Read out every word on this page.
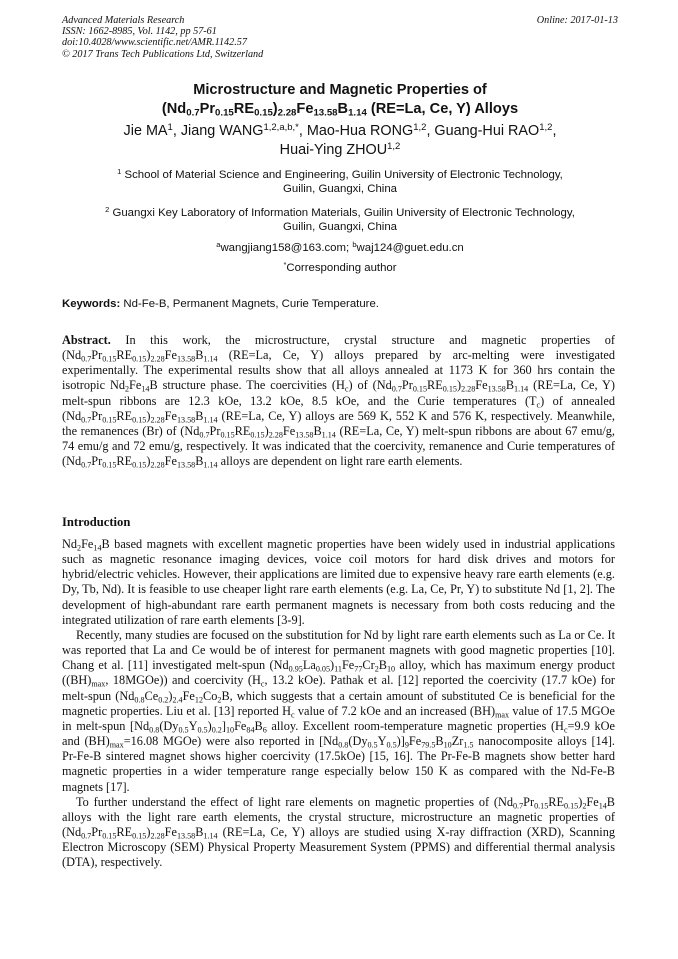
Advanced Materials Research
ISSN: 1662-8985, Vol. 1142, pp 57-61
doi:10.4028/www.scientific.net/AMR.1142.57
© 2017 Trans Tech Publications Ltd, Switzerland
Online: 2017-01-13
Microstructure and Magnetic Properties of
$(Nd_{0.7}Pr_{0.15}RE_{0.15})_{2.28}Fe_{13.58}B_{1.14}$ (RE=La, Ce, Y) Alloys
Jie $MA^1$, Jiang $WANG^{1,2,a,b,*}$, Mao-Hua RONG$^{1,2}$, Guang-Hui RAO$^{1,2}$,
Huai-Ying ZHOU$^{1,2}$
$^1$ School of Material Science and Engineering, Guilin University of Electronic Technology,
Guilin, Guangxi, China
$^2$ Guangxi Key Laboratory of Information Materials, Guilin University of Electronic Technology,
Guilin, Guangxi, China
$^a$wangjiang158@163.com; $^b$waj124@guet.edu.cn
*Corresponding author
Keywords: Nd-Fe-B, Permanent Magnets, Curie Temperature.
Abstract. In this work, the microstructure, crystal structure and magnetic properties of $(Nd_{0.7}Pr_{0.15}RE_{0.15})_{2.28}Fe_{13.58}B_{1.14}$ (RE=La, Ce, Y) alloys prepared by arc-melting were investigated experimentally. The experimental results show that all alloys annealed at 1173 K for 360 hrs contain the isotropic $Nd_2Fe_{14}B$ structure phase. The coercivities $(H_c)$ of $(Nd_{0.7}Pr_{0.15}RE_{0.15})_{2.28}Fe_{13.58}B_{1.14}$ (RE=La, Ce, Y) melt-spun ribbons are 12.3 kOe, 13.2 kOe, 8.5 kOe, and the Curie temperatures $(T_c)$ of annealed $(Nd_{0.7}Pr_{0.15}RE_{0.15})_{2.28}Fe_{13.58}B_{1.14}$ (RE=La, Ce, Y) alloys are 569 K, 552 K and 576 K, respectively. Meanwhile, the remanences (Br) of $(Nd_{0.7}Pr_{0.15}RE_{0.15})_{2.28}Fe_{13.58}B_{1.14}$ (RE=La, Ce, Y) melt-spun ribbons are about 67 emu/g, 74 emu/g and 72 emu/g, respectively. It was indicated that the coercivity, remanence and Curie temperatures of $(Nd_{0.7}Pr_{0.15}RE_{0.15})_{2.28}Fe_{13.58}B_{1.14}$ alloys are dependent on light rare earth elements.
Introduction

$Nd_2Fe_{14}B$ based magnets with excellent magnetic properties have been widely used in industrial applications such as magnetic resonance imaging devices, voice coil motors for hard disk drives and motors for hybrid/electric vehicles. However, their applications are limited due to expensive heavy rare earth elements (e.g. Dy, Tb, Nd). It is feasible to use cheaper light rare earth elements (e.g. La, Ce, Pr, Y) to substitute Nd [1, 2]. The development of high-abundant rare earth permanent magnets is necessary from both costs reducing and the integrated utilization of rare earth elements [3-9].

Recently, many studies are focused on the substitution for Nd by light rare earth elements such as La or Ce. It was reported that La and Ce would be of interest for permanent magnets with good magnetic properties [10]. Chang et al. [11] investigated melt-spun $(Nd_{0.95}La_{0.05})_{11}Fe_{77}Cr_2B_{10}$ alloy, which has maximum energy product ($(BH)_{max}$, 18MGOe)) and coercivity ($H_c$, 13.2 kOe). Pathak et al. [12] reported the coercivity (17.7 kOe) for melt-spun $(Nd_{0.8}Ce_{0.2})_{2.4}Fe_{12}Co_2B$, which suggests that a certain amount of substituted Ce is beneficial for the magnetic properties. Liu et al. [13] reported $H_c$ value of 7.2 kOe and an increased $(BH)_{max}$ value of 17.5 MGOe in melt-spun $[Nd_{0.8}(Dy_{0.5}Y_{0.5})_{0.2}]_{10}Fe_{84}B_6$ alloy. Excellent room-temperature magnetic properties ($H_c=9.9$ kOe and $(BH)_{max}=16.08$ MGOe) were also reported in $[Nd_{0.8}(Dy_{0.5}Y_{0.5})]_9Fe_{79.5}B_{10}Zr_{1.5}$ nanocomposite alloys [14]. Pr-Fe-B sintered magnet shows higher coercivity (17.5kOe) [15, 16]. The Pr-Fe-B magnets show better hard magnetic properties in a wider temperature range especially below 150 K as compared with the Nd-Fe-B magnets [17].

To further understand the effect of light rare elements on magnetic properties of $(Nd_{0.7}Pr_{0.15}RE_{0.15})_2Fe_{14}B$ alloys with the light rare earth elements, the crystal structure, microstructure an magnetic properties of $(Nd_{0.7}Pr_{0.15}RE_{0.15})_{2.28}Fe_{13.58}B_{1.14}$ (RE=La, Ce, Y) alloys are studied using X-ray diffraction (XRD), Scanning Electron Microscopy (SEM) Physical Property Measurement System (PPMS) and differential thermal analysis (DTA), respectively.
